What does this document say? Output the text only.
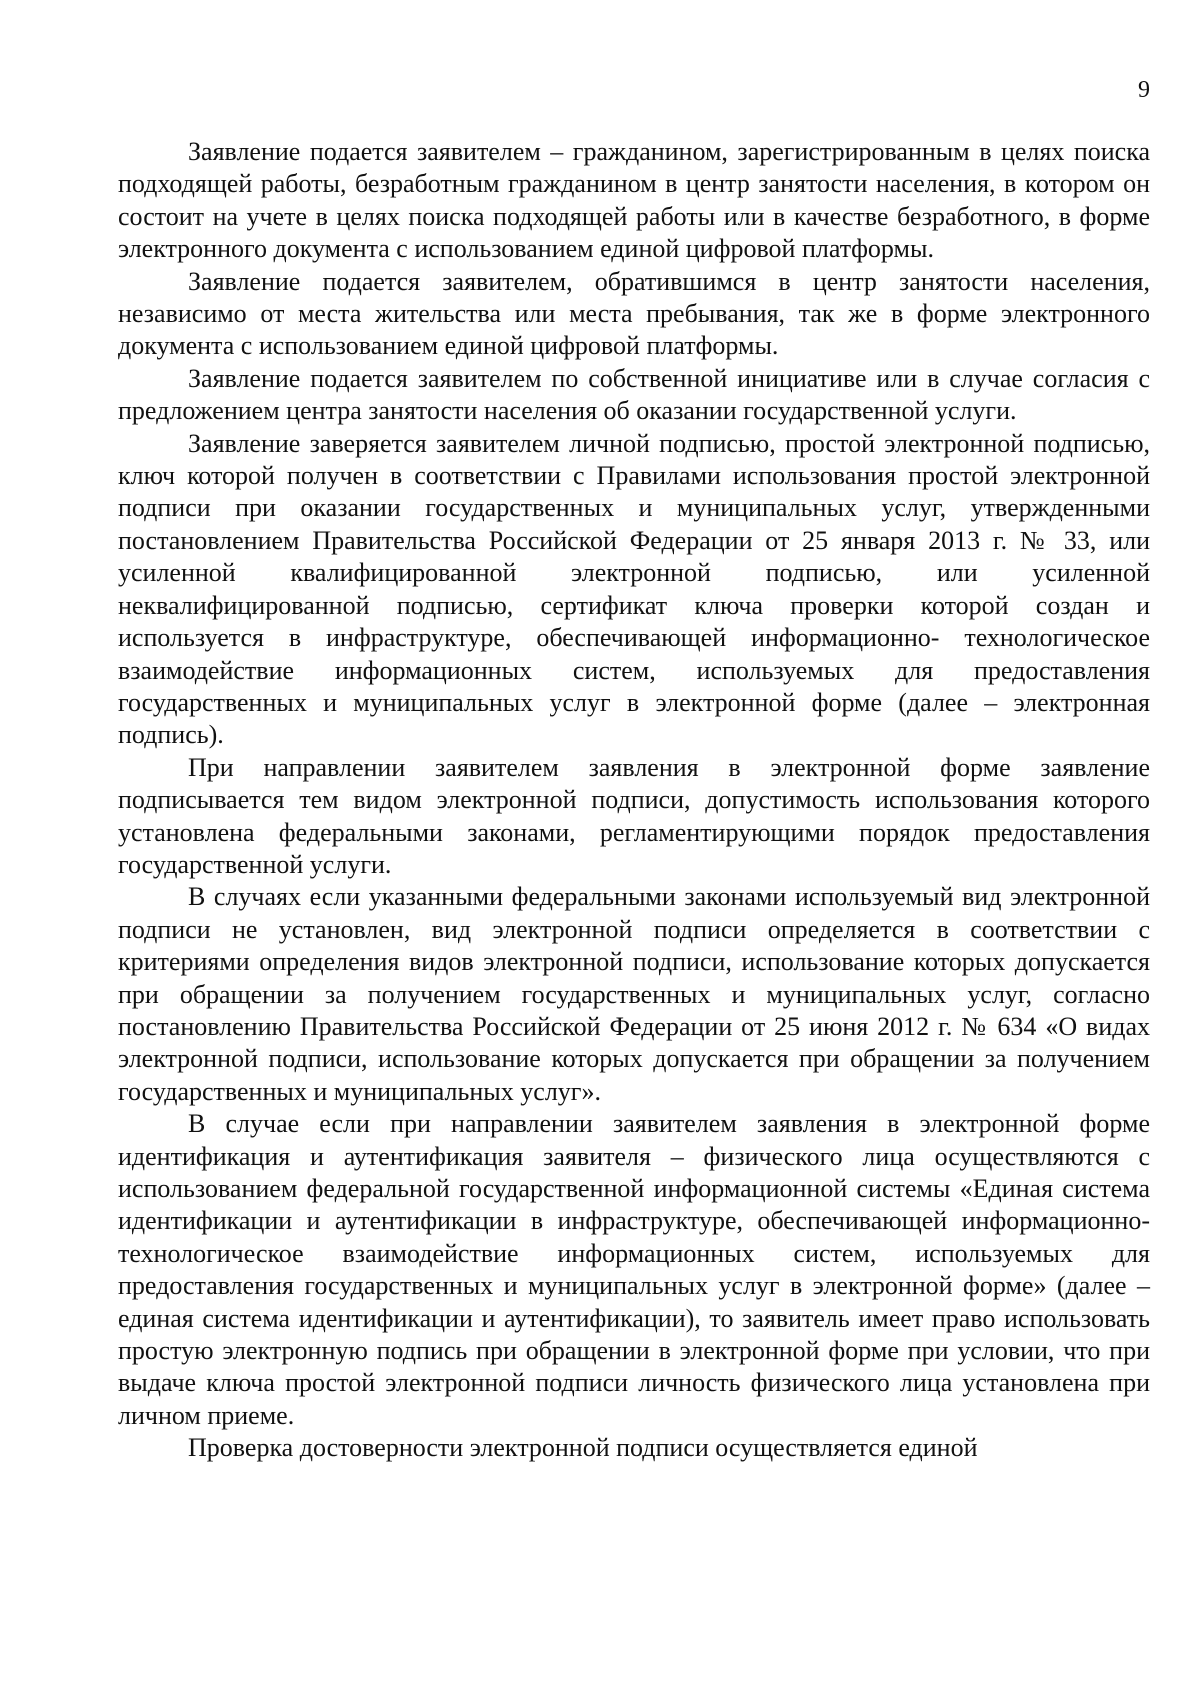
9

Заявление подается заявителем – гражданином, зарегистрированным в целях поиска подходящей работы, безработным гражданином в центр занятости населения, в котором он состоит на учете в целях поиска подходящей работы или в качестве безработного, в форме электронного документа с использованием единой цифровой платформы.

Заявление подается заявителем, обратившимся в центр занятости населения, независимо от места жительства или места пребывания, так же в форме электронного документа с использованием единой цифровой платформы.

Заявление подается заявителем по собственной инициативе или в случае согласия с предложением центра занятости населения об оказании государственной услуги.

Заявление заверяется заявителем личной подписью, простой электронной подписью, ключ которой получен в соответствии с Правилами использования простой электронной подписи при оказании государственных и муниципальных услуг, утвержденными постановлением Правительства Российской Федерации от 25 января 2013 г. № 33, или усиленной квалифицированной электронной подписью, или усиленной неквалифицированной подписью, сертификат ключа проверки которой создан и используется в инфраструктуре, обеспечивающей информационно- технологическое взаимодействие информационных систем, используемых для предоставления государственных и муниципальных услуг в электронной форме (далее – электронная подпись).

При направлении заявителем заявления в электронной форме заявление подписывается тем видом электронной подписи, допустимость использования которого установлена федеральными законами, регламентирующими порядок предоставления государственной услуги.

В случаях если указанными федеральными законами используемый вид электронной подписи не установлен, вид электронной подписи определяется в соответствии с критериями определения видов электронной подписи, использование которых допускается при обращении за получением государственных и муниципальных услуг, согласно постановлению Правительства Российской Федерации от 25 июня 2012 г. № 634 «О видах электронной подписи, использование которых допускается при обращении за получением государственных и муниципальных услуг».

В случае если при направлении заявителем заявления в электронной форме идентификация и аутентификация заявителя – физического лица осуществляются с использованием федеральной государственной информационной системы «Единая система идентификации и аутентификации в инфраструктуре, обеспечивающей информационно- технологическое взаимодействие информационных систем, используемых для предоставления государственных и муниципальных услуг в электронной форме» (далее – единая система идентификации и аутентификации), то заявитель имеет право использовать простую электронную подпись при обращении в электронной форме при условии, что при выдаче ключа простой электронной подписи личность физического лица установлена при личном приеме.

Проверка достоверности электронной подписи осуществляется единой
